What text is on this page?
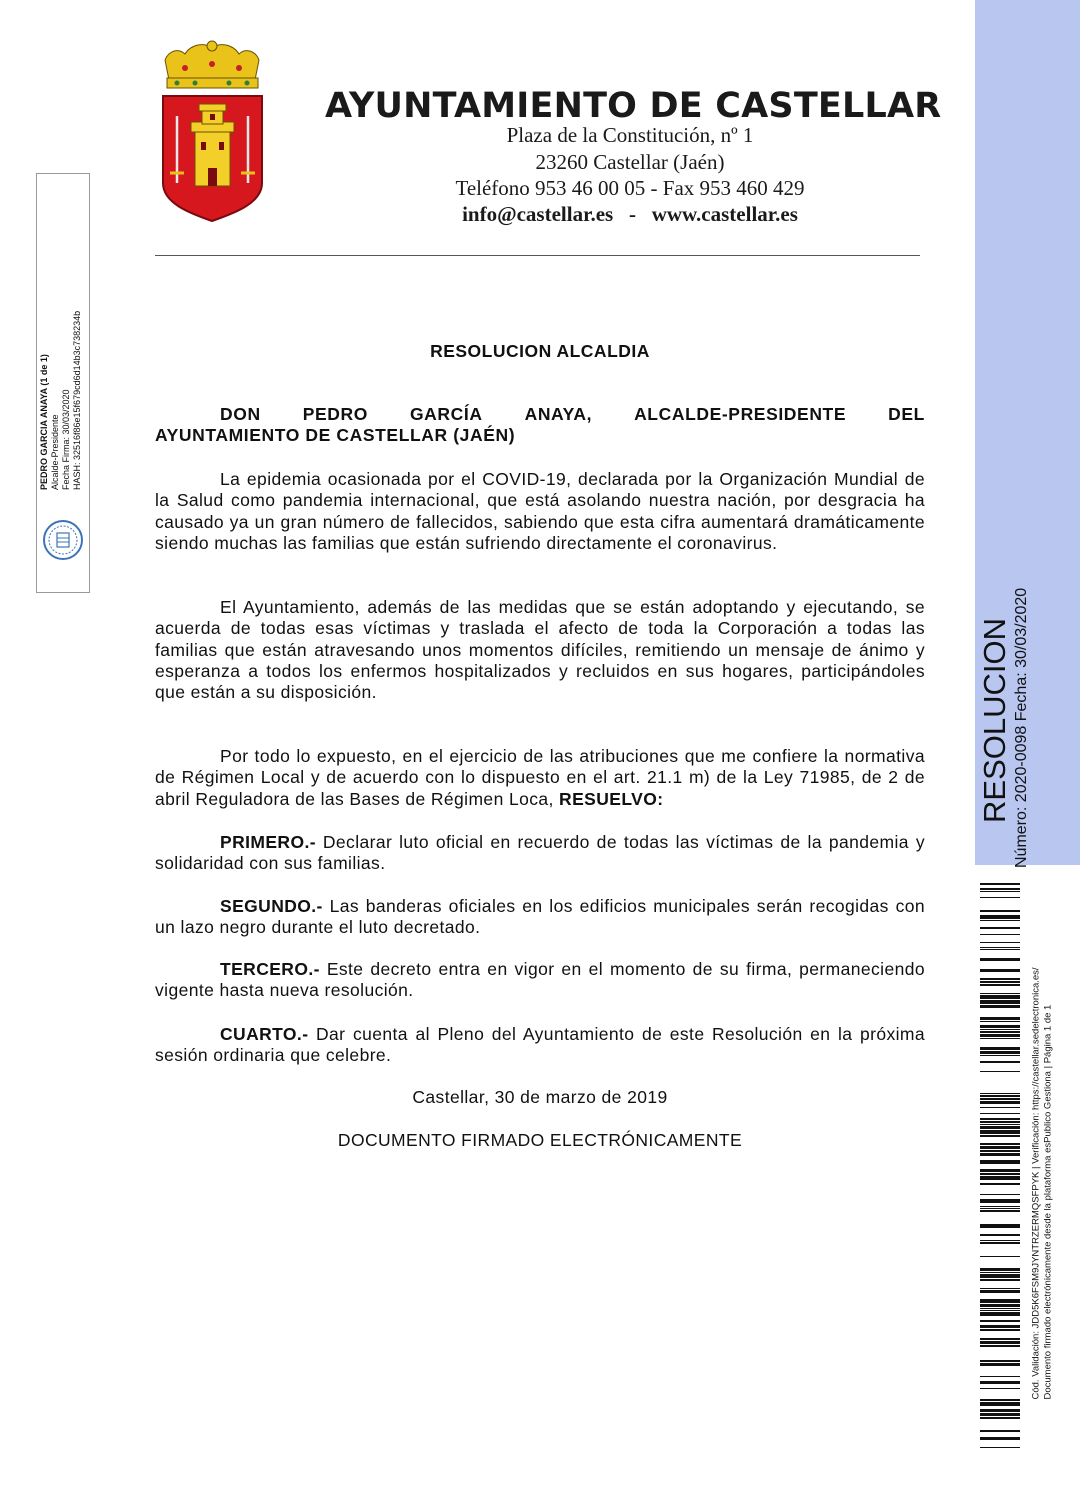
PEDRO GARCIA ANAYA (1 de 1) Alcalde-Presidente Fecha Firma: 30/03/2020 HASH: 32516f86e15f679cd6d14b3c738234b
AYUNTAMIENTO DE CASTELLAR
Plaza de la Constitución, nº 1
23260 Castellar (Jaén)
Teléfono 953 46 00 05 - Fax 953 460 429
info@castellar.es - www.castellar.es
RESOLUCION ALCALDIA
DON PEDRO GARCÍA ANAYA, ALCALDE-PRESIDENTE DEL
AYUNTAMIENTO DE CASTELLAR (JAÉN)
La epidemia ocasionada por el COVID-19, declarada por la Organización Mundial de la Salud como pandemia internacional, que está asolando nuestra nación, por desgracia ha causado ya un gran número de fallecidos, sabiendo que esta cifra aumentará dramáticamente siendo muchas las familias que están sufriendo directamente el coronavirus.
El Ayuntamiento, además de las medidas que se están adoptando y ejecutando, se acuerda de todas esas víctimas y traslada el afecto de toda la Corporación a todas las familias que están atravesando unos momentos difíciles, remitiendo un mensaje de ánimo y esperanza a todos los enfermos hospitalizados y recluidos en sus hogares, participándoles que están a su disposición.
Por todo lo expuesto, en el ejercicio de las atribuciones que me confiere la normativa de Régimen Local y de acuerdo con lo dispuesto en el art. 21.1 m) de la Ley 71985, de 2 de abril Reguladora de las Bases de Régimen Loca, RESUELVO:
PRIMERO.- Declarar luto oficial en recuerdo de todas las víctimas de la pandemia y solidaridad con sus familias.
SEGUNDO.- Las banderas oficiales en los edificios municipales serán recogidas con un lazo negro durante el luto decretado.
TERCERO.- Este decreto entra en vigor en el momento de su firma, permaneciendo vigente hasta nueva resolución.
CUARTO.- Dar cuenta al Pleno del Ayuntamiento de este Resolución en la próxima sesión ordinaria que celebre.
Castellar, 30 de marzo de 2019
DOCUMENTO FIRMADO ELECTRÓNICAMENTE
RESOLUCION Número: 2020-0098 Fecha: 30/03/2020
Cód. Validación: JDD5K6FSM9JYNTRZERMQSFPYK | Verificación: https://castellar.sedelectronica.es/ Documento firmado electrónicamente desde la plataforma esPublico Gestiona | Página 1 de 1
